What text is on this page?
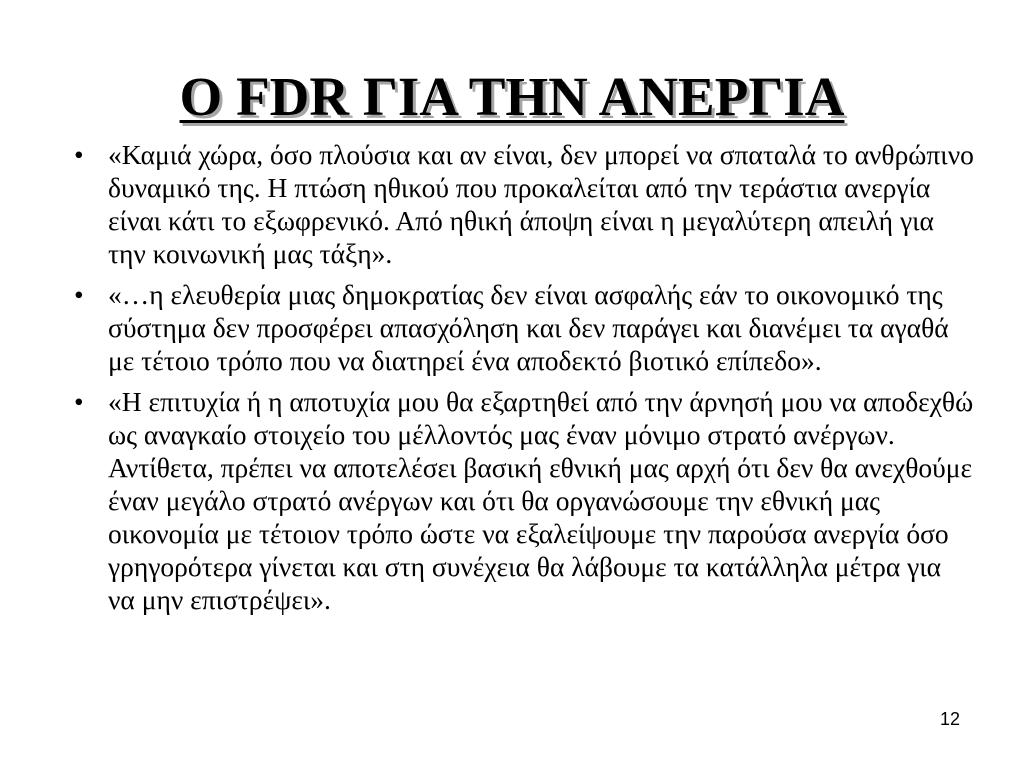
Ο FDR ΓΙΑ ΤΗΝ ΑΝΕΡΓΙΑ
• «Καμιά χώρα, όσο πλούσια και αν είναι, δεν μπορεί να σπαταλά το ανθρώπινο δυναμικό της. Η πτώση ηθικού που προκαλείται από την τεράστια ανεργία είναι κάτι το εξωφρενικό. Από ηθική άποψη είναι η μεγαλύτερη απειλή για την κοινωνική μας τάξη».
• «…η ελευθερία μιας δημοκρατίας δεν είναι ασφαλής εάν το οικονομικό της σύστημα δεν προσφέρει απασχόληση και δεν παράγει και διανέμει τα αγαθά με τέτοιο τρόπο που να διατηρεί ένα αποδεκτό βιοτικό επίπεδο».
• «Η επιτυχία ή η αποτυχία μου θα εξαρτηθεί από την άρνησή μου να αποδεχθώ ως αναγκαίο στοιχείο του μέλλοντός μας έναν μόνιμο στρατό ανέργων. Αντίθετα, πρέπει να αποτελέσει βασική εθνική μας αρχή ότι δεν θα ανεχθούμε έναν μεγάλο στρατό ανέργων και ότι θα οργανώσουμε την εθνική μας οικονομία με τέτοιον τρόπο ώστε να εξαλείψουμε την παρούσα ανεργία όσο γρηγορότερα γίνεται και στη συνέχεια θα λάβουμε τα κατάλληλα μέτρα για να μην επιστρέψει».
12
